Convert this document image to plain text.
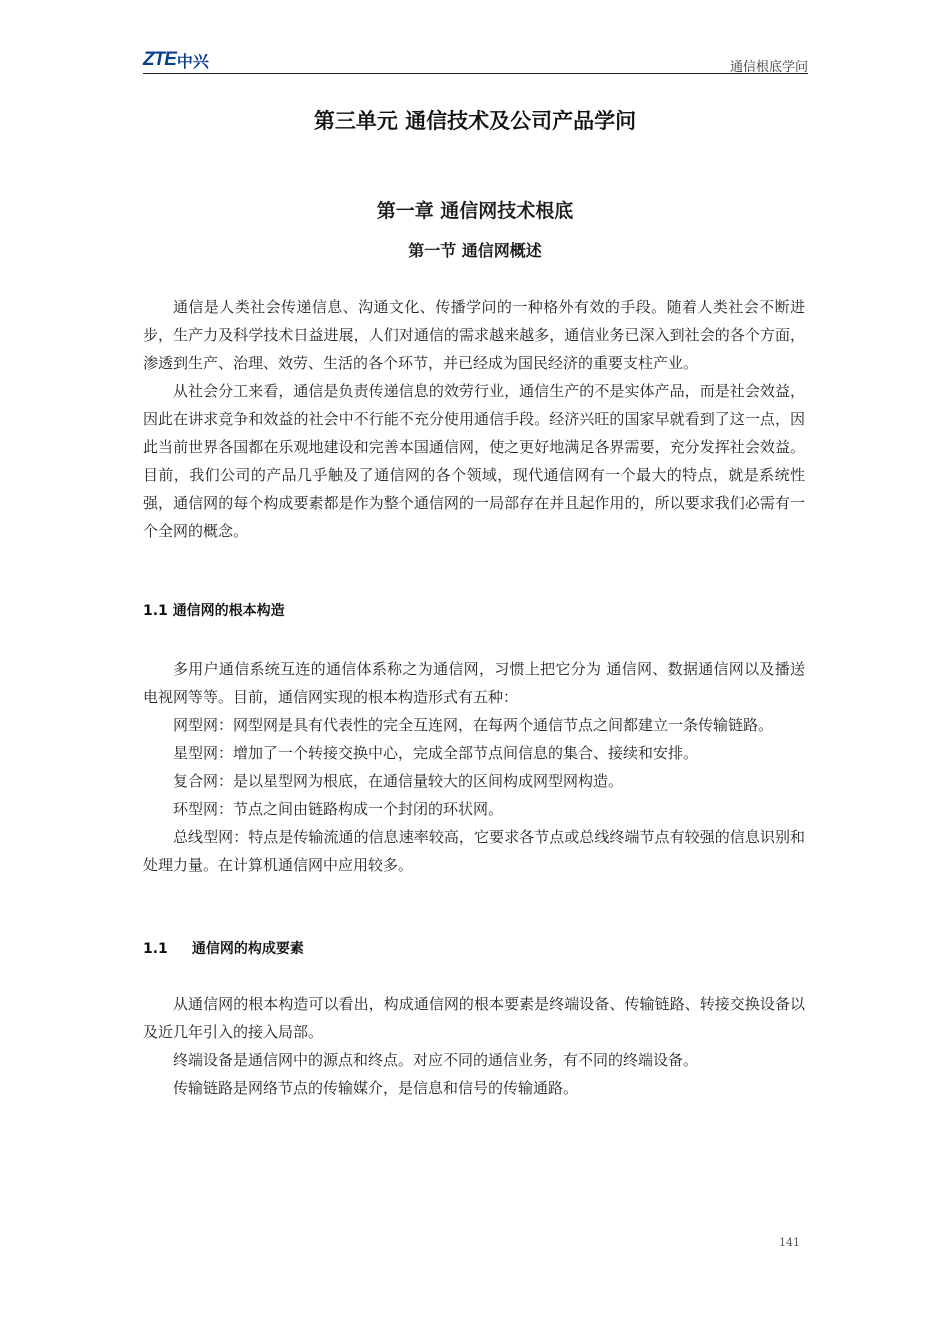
ZTE 中兴	通信根底学问
第三单元 通信技术及公司产品学问
第一章 通信网技术根底
第一节 通信网概述

通信是人类社会传递信息、沟通文化、传播学问的一种格外有效的手段。随着人类社会不断进步，生产力及科学技术日益进展，人们对通信的需求越来越多，通信业务已深入到社会的各个方面，渗透到生产、治理、效劳、生活的各个环节，并已经成为国民经济的重要支柱产业。

从社会分工来看，通信是负责传递信息的效劳行业，通信生产的不是实体产品，而是社会效益，因此在讲求竞争和效益的社会中不行能不充分使用通信手段。经济兴旺的国家早就看到了这一点，因此当前世界各国都在乐观地建设和完善本国通信网，使之更好地满足各界需要，充分发挥社会效益。目前，我们公司的产品几乎触及了通信网的各个领域，现代通信网有一个最大的特点，就是系统性强，通信网的每个构成要素都是作为整个通信网的一局部存在并且起作用的，所以要求我们必需有一个全网的概念。

1.1 通信网的根本构造

多用户通信系统互连的通信体系称之为通信网，习惯上把它分为 通信网、数据通信网以及播送电视网等等。目前，通信网实现的根本构造形式有五种：

网型网：网型网是具有代表性的完全互连网，在每两个通信节点之间都建立一条传输链路。

星型网：增加了一个转接交换中心，完成全部节点间信息的集合、接续和安排。

复合网：是以星型网为根底，在通信量较大的区间构成网型网构造。

环型网：节点之间由链路构成一个封闭的环状网。

总线型网：特点是传输流通的信息速率较高，它要求各节点或总线终端节点有较强的信息识别和处理力量。在计算机通信网中应用较多。

1.1 通信网的构成要素

从通信网的根本构造可以看出，构成通信网的根本要素是终端设备、传输链路、转接交换设备以及近几年引入的接入局部。

终端设备是通信网中的源点和终点。对应不同的通信业务，有不同的终端设备。

传输链路是网络节点的传输媒介，是信息和信号的传输通路。

141
